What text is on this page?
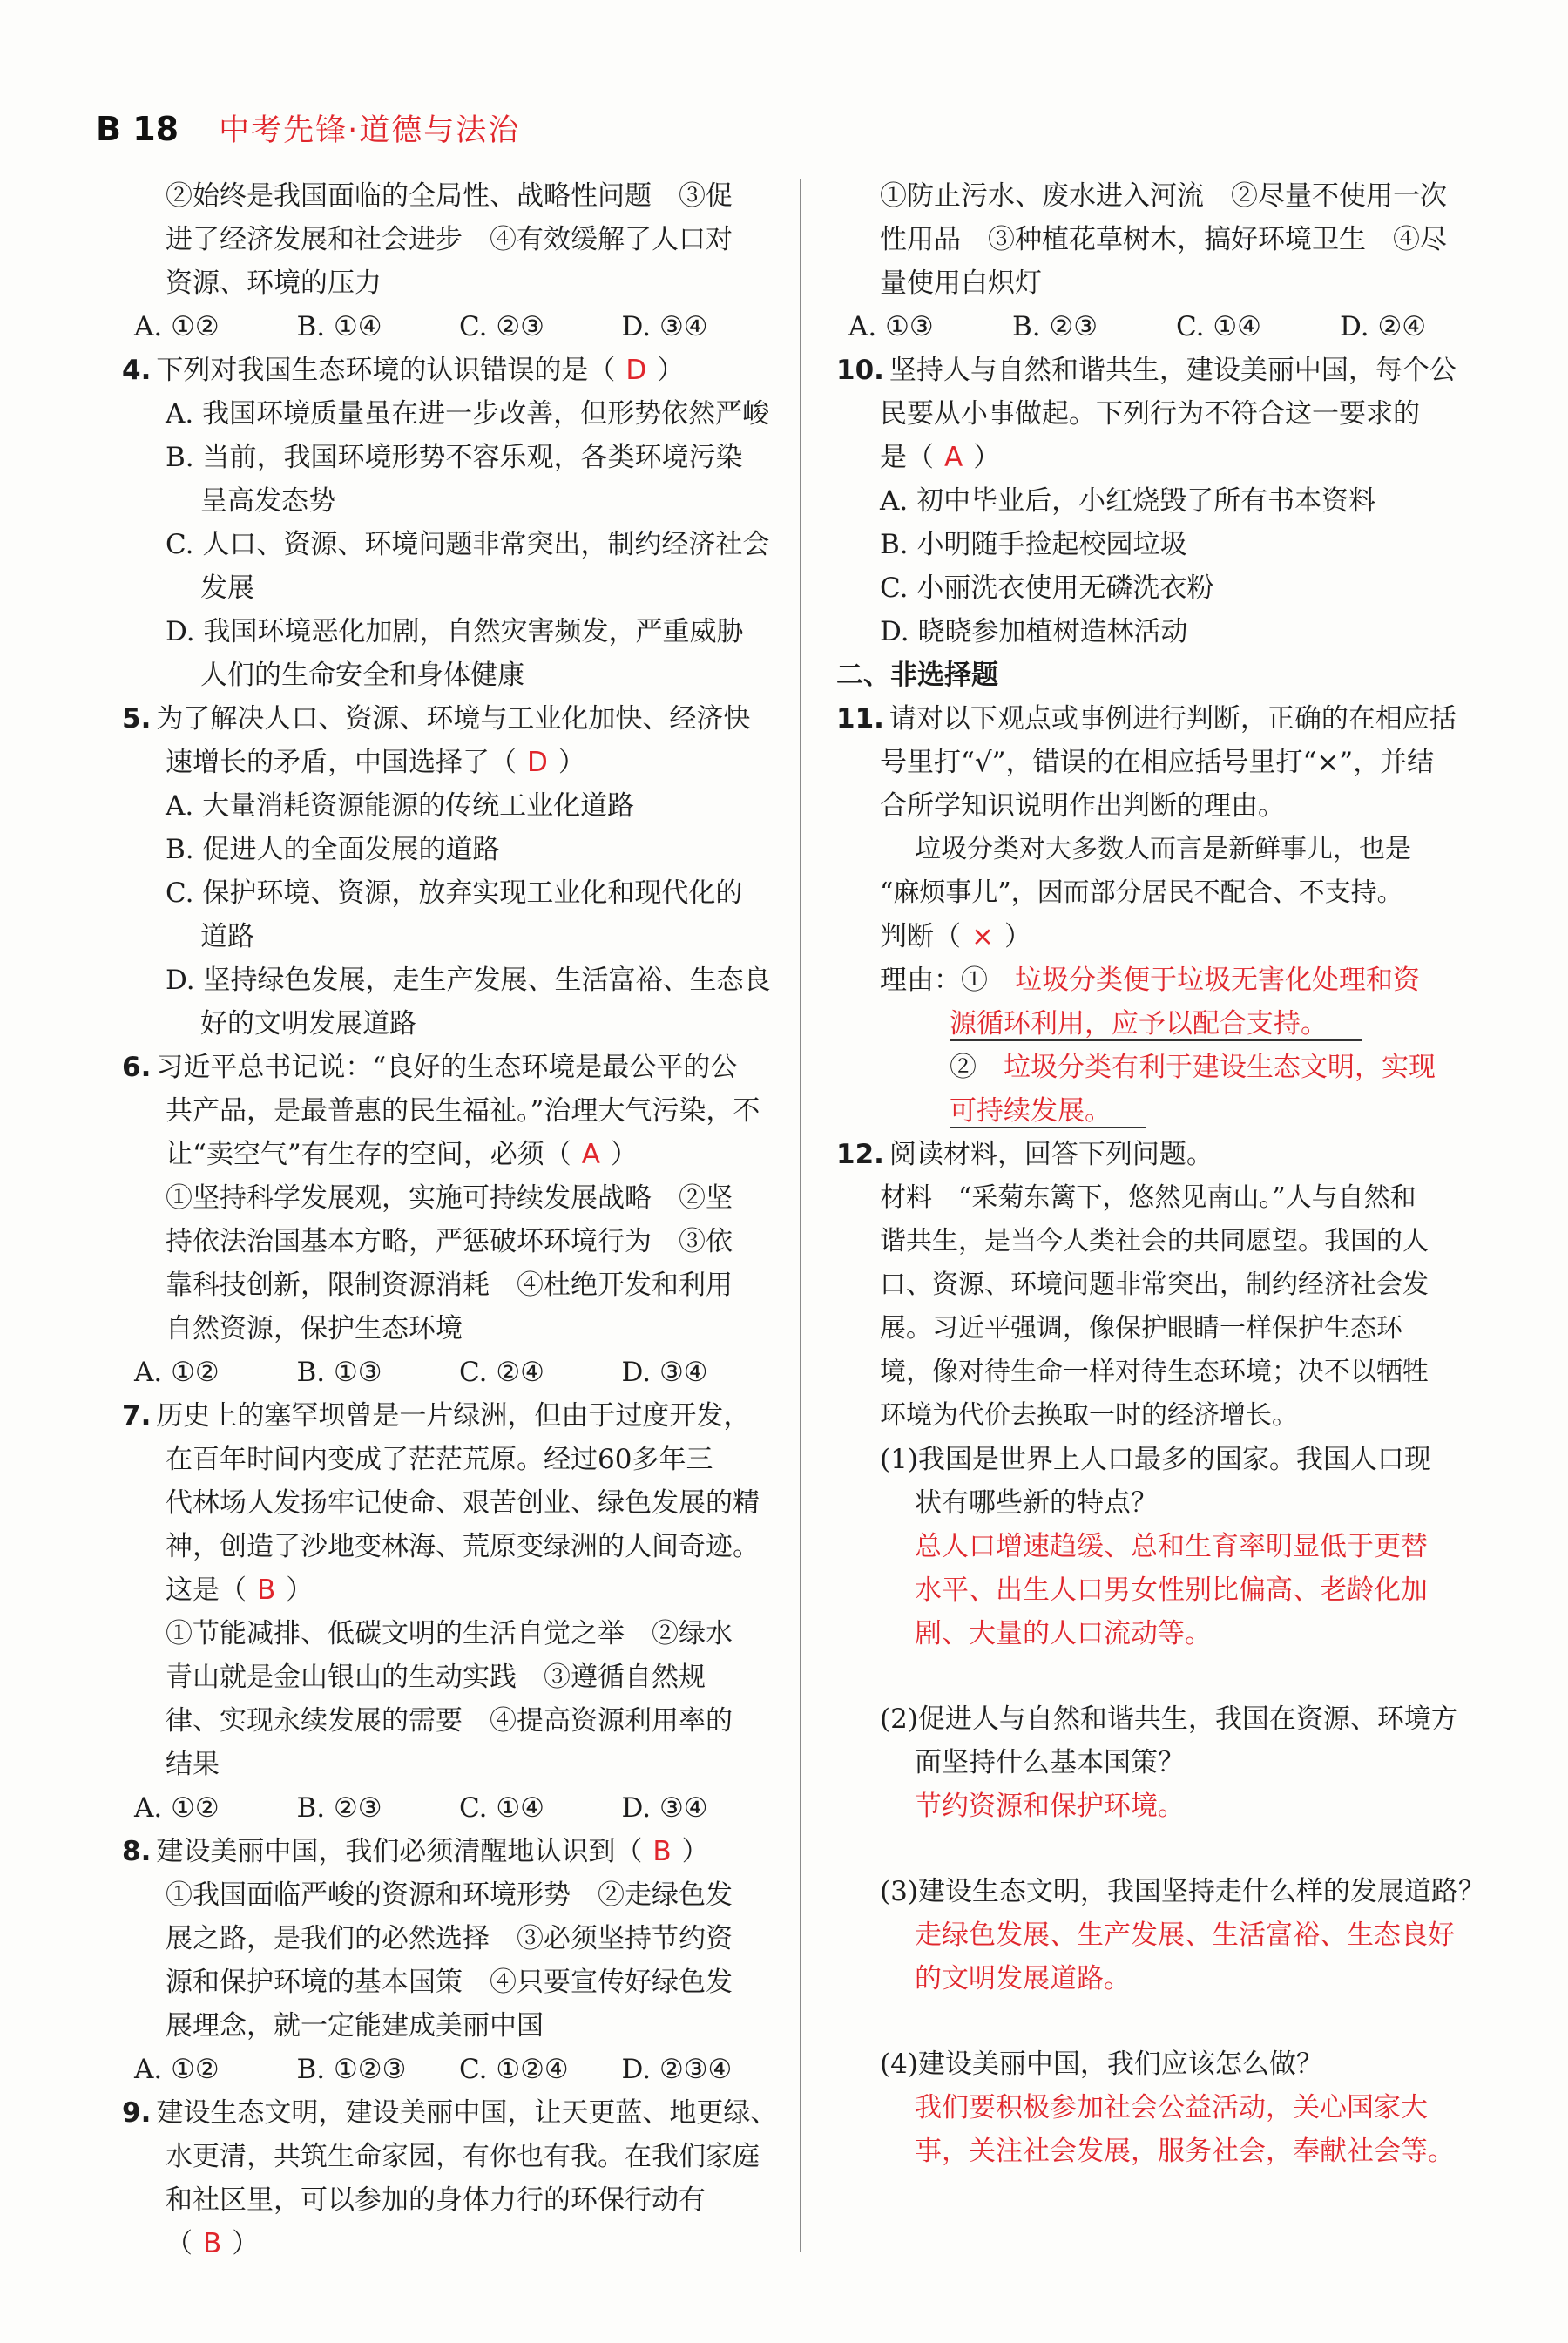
B 18 中考先锋·道德与法治
②始终是我国面临的全局性、战略性问题　③促
进了经济发展和社会进步　④有效缓解了人口对
资源、环境的压力
A. ①②	B. ①④	C. ②③	D. ③④
4. 下列对我国生态环境的认识错误的是（ D ）
A. 我国环境质量虽在进一步改善，但形势依然严峻
B. 当前，我国环境形势不容乐观，各类环境污染
呈高发态势
C. 人口、资源、环境问题非常突出，制约经济社会
发展
D. 我国环境恶化加剧，自然灾害频发，严重威胁
人们的生命安全和身体健康
5. 为了解决人口、资源、环境与工业化加快、经济快
速增长的矛盾，中国选择了（ D ）
A. 大量消耗资源能源的传统工业化道路
B. 促进人的全面发展的道路
C. 保护环境、资源，放弃实现工业化和现代化的
道路
D. 坚持绿色发展，走生产发展、生活富裕、生态良
好的文明发展道路
6. 习近平总书记说：“良好的生态环境是最公平的公
共产品，是最普惠的民生福祉。”治理大气污染，不
让“卖空气”有生存的空间，必须（ A ）
①坚持科学发展观，实施可持续发展战略　②坚
持依法治国基本方略，严惩破坏环境行为　③依
靠科技创新，限制资源消耗　④杜绝开发和利用
自然资源，保护生态环境
A. ①②	B. ①③	C. ②④	D. ③④
7. 历史上的塞罕坝曾是一片绿洲，但由于过度开发，
在百年时间内变成了茫茫荒原。经过60多年三
代林场人发扬牢记使命、艰苦创业、绿色发展的精
神，创造了沙地变林海、荒原变绿洲的人间奇迹。
这是（ B ）
①节能减排、低碳文明的生活自觉之举　②绿水
青山就是金山银山的生动实践　③遵循自然规
律、实现永续发展的需要　④提高资源利用率的
结果
A. ①②	B. ②③	C. ①④	D. ③④
8. 建设美丽中国，我们必须清醒地认识到（ B ）
①我国面临严峻的资源和环境形势　②走绿色发
展之路，是我们的必然选择　③必须坚持节约资
源和保护环境的基本国策　④只要宣传好绿色发
展理念，就一定能建成美丽中国
A. ①②	B. ①②③	C. ①②④	D. ②③④
9. 建设生态文明，建设美丽中国，让天更蓝、地更绿、
水更清，共筑生命家园，有你也有我。在我们家庭
和社区里，可以参加的身体力行的环保行动有
（ B ）
①防止污水、废水进入河流　②尽量不使用一次
性用品　③种植花草树木，搞好环境卫生　④尽
量使用白炽灯
A. ①③	B. ②③	C. ①④	D. ②④
10. 坚持人与自然和谐共生，建设美丽中国，每个公
民要从小事做起。下列行为不符合这一要求的
是（ A ）
A. 初中毕业后，小红烧毁了所有书本资料
B. 小明随手捡起校园垃圾
C. 小丽洗衣使用无磷洗衣粉
D. 晓晓参加植树造林活动
二、非选择题
11. 请对以下观点或事例进行判断，正确的在相应括
号里打“√”，错误的在相应括号里打“×”，并结
合所学知识说明作出判断的理由。
垃圾分类对大多数人而言是新鲜事儿，也是
“麻烦事儿”，因而部分居民不配合、不支持。
判断（ × ）
理由：①　 垃圾分类便于垃圾无害化处理和资
源循环利用，应予以配合支持。
②　 垃圾分类有利于建设生态文明，实现
可持续发展。
12. 阅读材料，回答下列问题。
材料　“采菊东篱下，悠然见南山。”人与自然和
谐共生，是当今人类社会的共同愿望。我国的人
口、资源、环境问题非常突出，制约经济社会发
展。习近平强调，像保护眼睛一样保护生态环
境，像对待生命一样对待生态环境；决不以牺牲
环境为代价去换取一时的经济增长。
(1)我国是世界上人口最多的国家。我国人口现
状有哪些新的特点？
总人口增速趋缓、总和生育率明显低于更替
水平、出生人口男女性别比偏高、老龄化加
剧、大量的人口流动等。
(2)促进人与自然和谐共生，我国在资源、环境方
面坚持什么基本国策？
节约资源和保护环境。
(3)建设生态文明，我国坚持走什么样的发展道路？
走绿色发展、生产发展、生活富裕、生态良好
的文明发展道路。
(4)建设美丽中国，我们应该怎么做？
我们要积极参加社会公益活动，关心国家大
事，关注社会发展，服务社会，奉献社会等。
